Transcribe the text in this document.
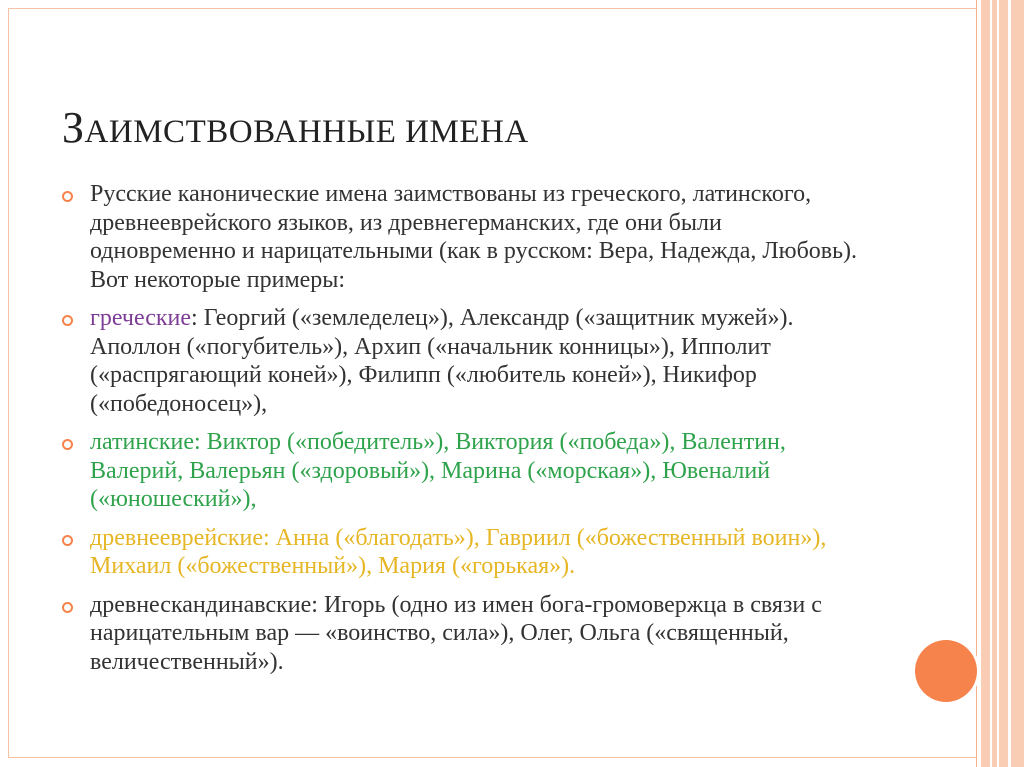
ЗАИМСТВОВАННЫЕ ИМЕНА
Русские канонические имена заимствованы из греческого, латинского, древнееврейского языков, из древнегерманских, где они были одновременно и нарицательными (как в русском: Вера, Надежда, Любовь). Вот некоторые примеры:
греческие: Георгий («земледелец»), Александр («защитник мужей»). Аполлон («погубитель»), Архип («начальник конницы»), Ипполит («распрягающий коней»), Филипп («любитель коней»), Никифор («победоносец»),
латинские: Виктор («победитель»), Виктория («победа»), Валентин, Валерий, Валерьян («здоровый»), Марина («морская»), Ювеналий («юношеский»),
древнееврейские: Анна («благодать»), Гавриил («божественный воин»), Михаил («божественный»), Мария («горькая»).
древнескандинавские: Игорь (одно из имен бога-громовержца в связи с нарицательным вар — «воинство, сила»), Олег, Ольга («священный, величественный»).
